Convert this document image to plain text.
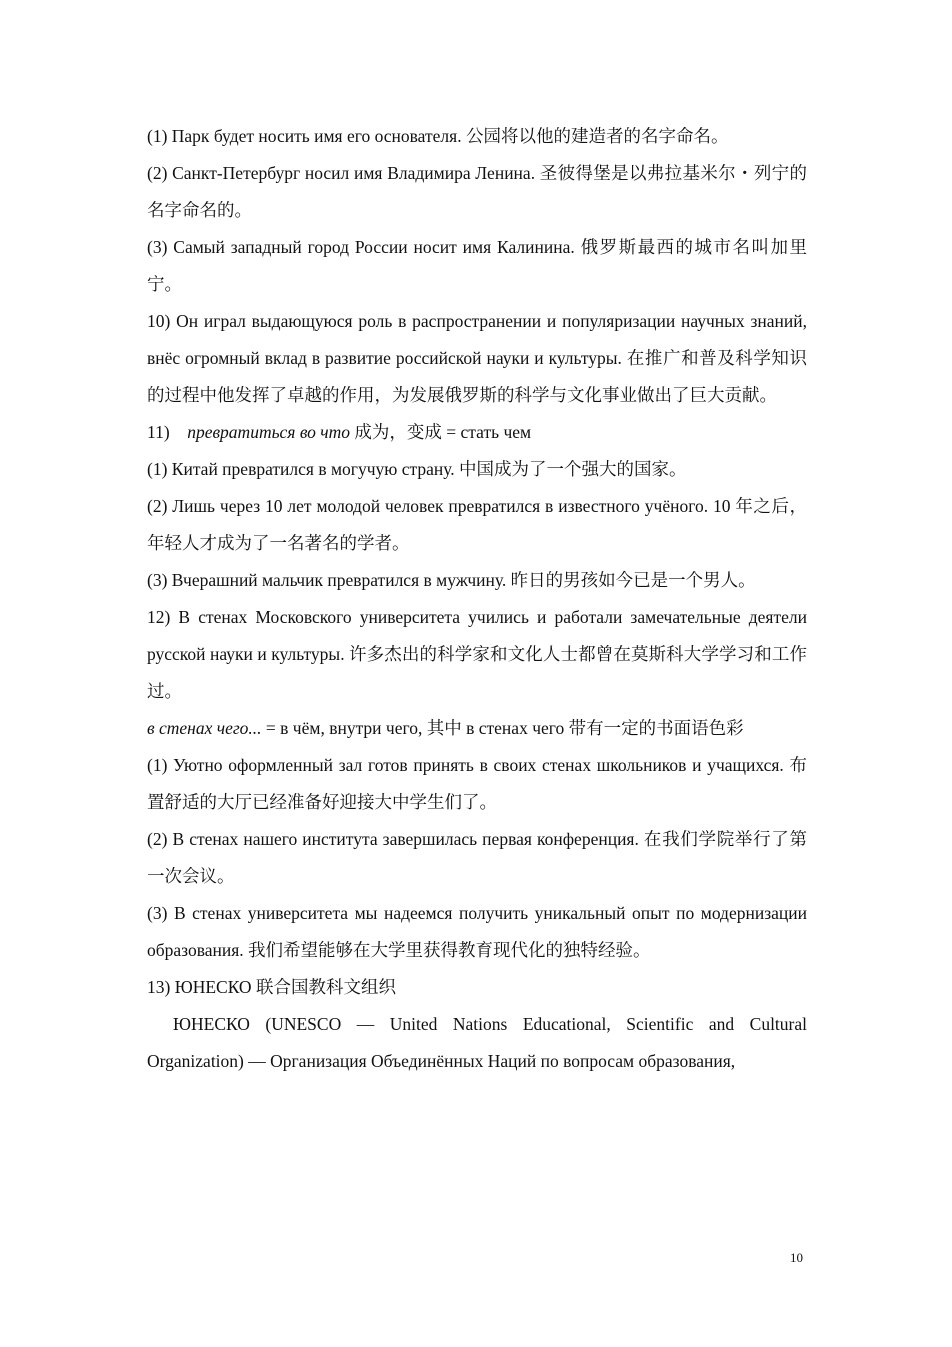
(1) Парк будет носить имя его основателя. 公园将以他的建造者的名字命名。

(2) Санкт-Петербург носил имя Владимира Ленина. 圣彼得堡是以弗拉基米尔・列宁的名字命名的。

(3) Самый западный город России носит имя Калинина. 俄罗斯最西的城市名叫加里宁。

10) Он играл выдающуюся роль в распространении и популяризации научных знаний, внёс огромный вклад в развитие российской науки и культуры. 在推广和普及科学知识的过程中他发挥了卓越的作用，为发展俄罗斯的科学与文化事业做出了巨大贡献。

11) превратиться во что 成为，变成 = стать чем

(1) Китай превратился в могучую страну. 中国成为了一个强大的国家。

(2) Лишь через 10 лет молодой человек превратился в известного учёного. 10 年之后，年轻人才成为了一名著名的学者。

(3) Вчерашний мальчик превратился в мужчину. 昨日的男孩如今已是一个男人。

12) В стенах Московского университета учились и работали замечательные деятели русской науки и культуры. 许多杰出的科学家和文化人士都曾在莫斯科大学学习和工作过。

в стенах чего... = в чём, внутри чего, 其中 в стенах чего 带有一定的书面语色彩

(1) Уютно оформленный зал готов принять в своих стенах школьников и учащихся. 布置舒适的大厅已经准备好迎接大中学生们了。

(2) В стенах нашего института завершилась первая конференция. 在我们学院举行了第一次会议。

(3) В стенах университета мы надеемся получить уникальный опыт по модернизации образования. 我们希望能够在大学里获得教育现代化的独特经验。

13) ЮНЕСКО 联合国教科文组织

ЮНЕСКО (UNESCO — United Nations Educational, Scientific and Cultural Organization) — Организация Объединённых Наций по вопросам образования,

10
